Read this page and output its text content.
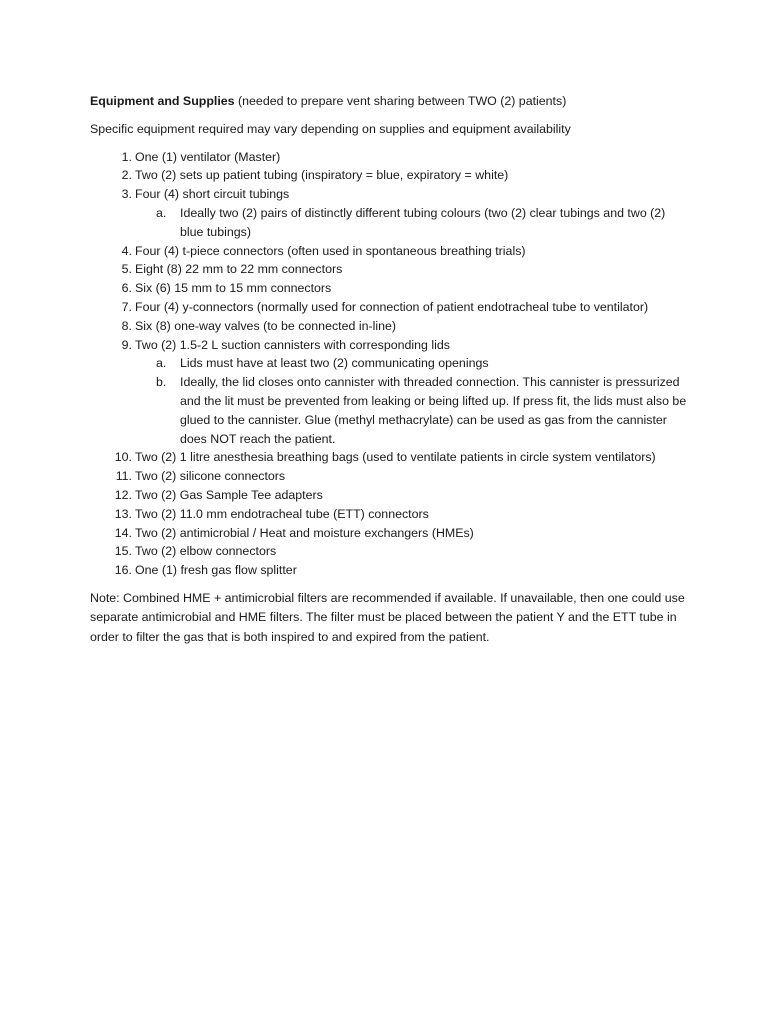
Equipment and Supplies (needed to prepare vent sharing between TWO (2) patients)

Specific equipment required may vary depending on supplies and equipment availability
1. One (1) ventilator (Master)
2. Two (2) sets up patient tubing (inspiratory = blue, expiratory = white)
3. Four (4) short circuit tubings
a.	Ideally two (2) pairs of distinctly different tubing colours (two (2) clear tubings and two (2) blue tubings)
4. Four (4) t-piece connectors (often used in spontaneous breathing trials)
5. Eight (8) 22 mm to 22 mm connectors
6. Six (6) 15 mm to 15 mm connectors
7. Four (4) y-connectors (normally used for connection of patient endotracheal tube to ventilator)
8. Six (8) one-way valves (to be connected in-line)
9. Two (2) 1.5-2 L suction cannisters with corresponding lids
a.	Lids must have at least two (2) communicating openings
b.	Ideally, the lid closes onto cannister with threaded connection. This cannister is pressurized and the lit must be prevented from leaking or being lifted up. If press fit, the lids must also be glued to the cannister. Glue (methyl methacrylate) can be used as gas from the cannister does NOT reach the patient.
10. Two (2) 1 litre anesthesia breathing bags (used to ventilate patients in circle system ventilators)
11. Two (2) silicone connectors
12. Two (2) Gas Sample Tee adapters
13. Two (2) 11.0 mm endotracheal tube (ETT) connectors
14. Two (2) antimicrobial / Heat and moisture exchangers (HMEs)
15. Two (2) elbow connectors
16. One (1) fresh gas flow splitter
Note: Combined HME + antimicrobial filters are recommended if available. If unavailable, then one could use separate antimicrobial and HME filters. The filter must be placed between the patient Y and the ETT tube in order to filter the gas that is both inspired to and expired from the patient.
